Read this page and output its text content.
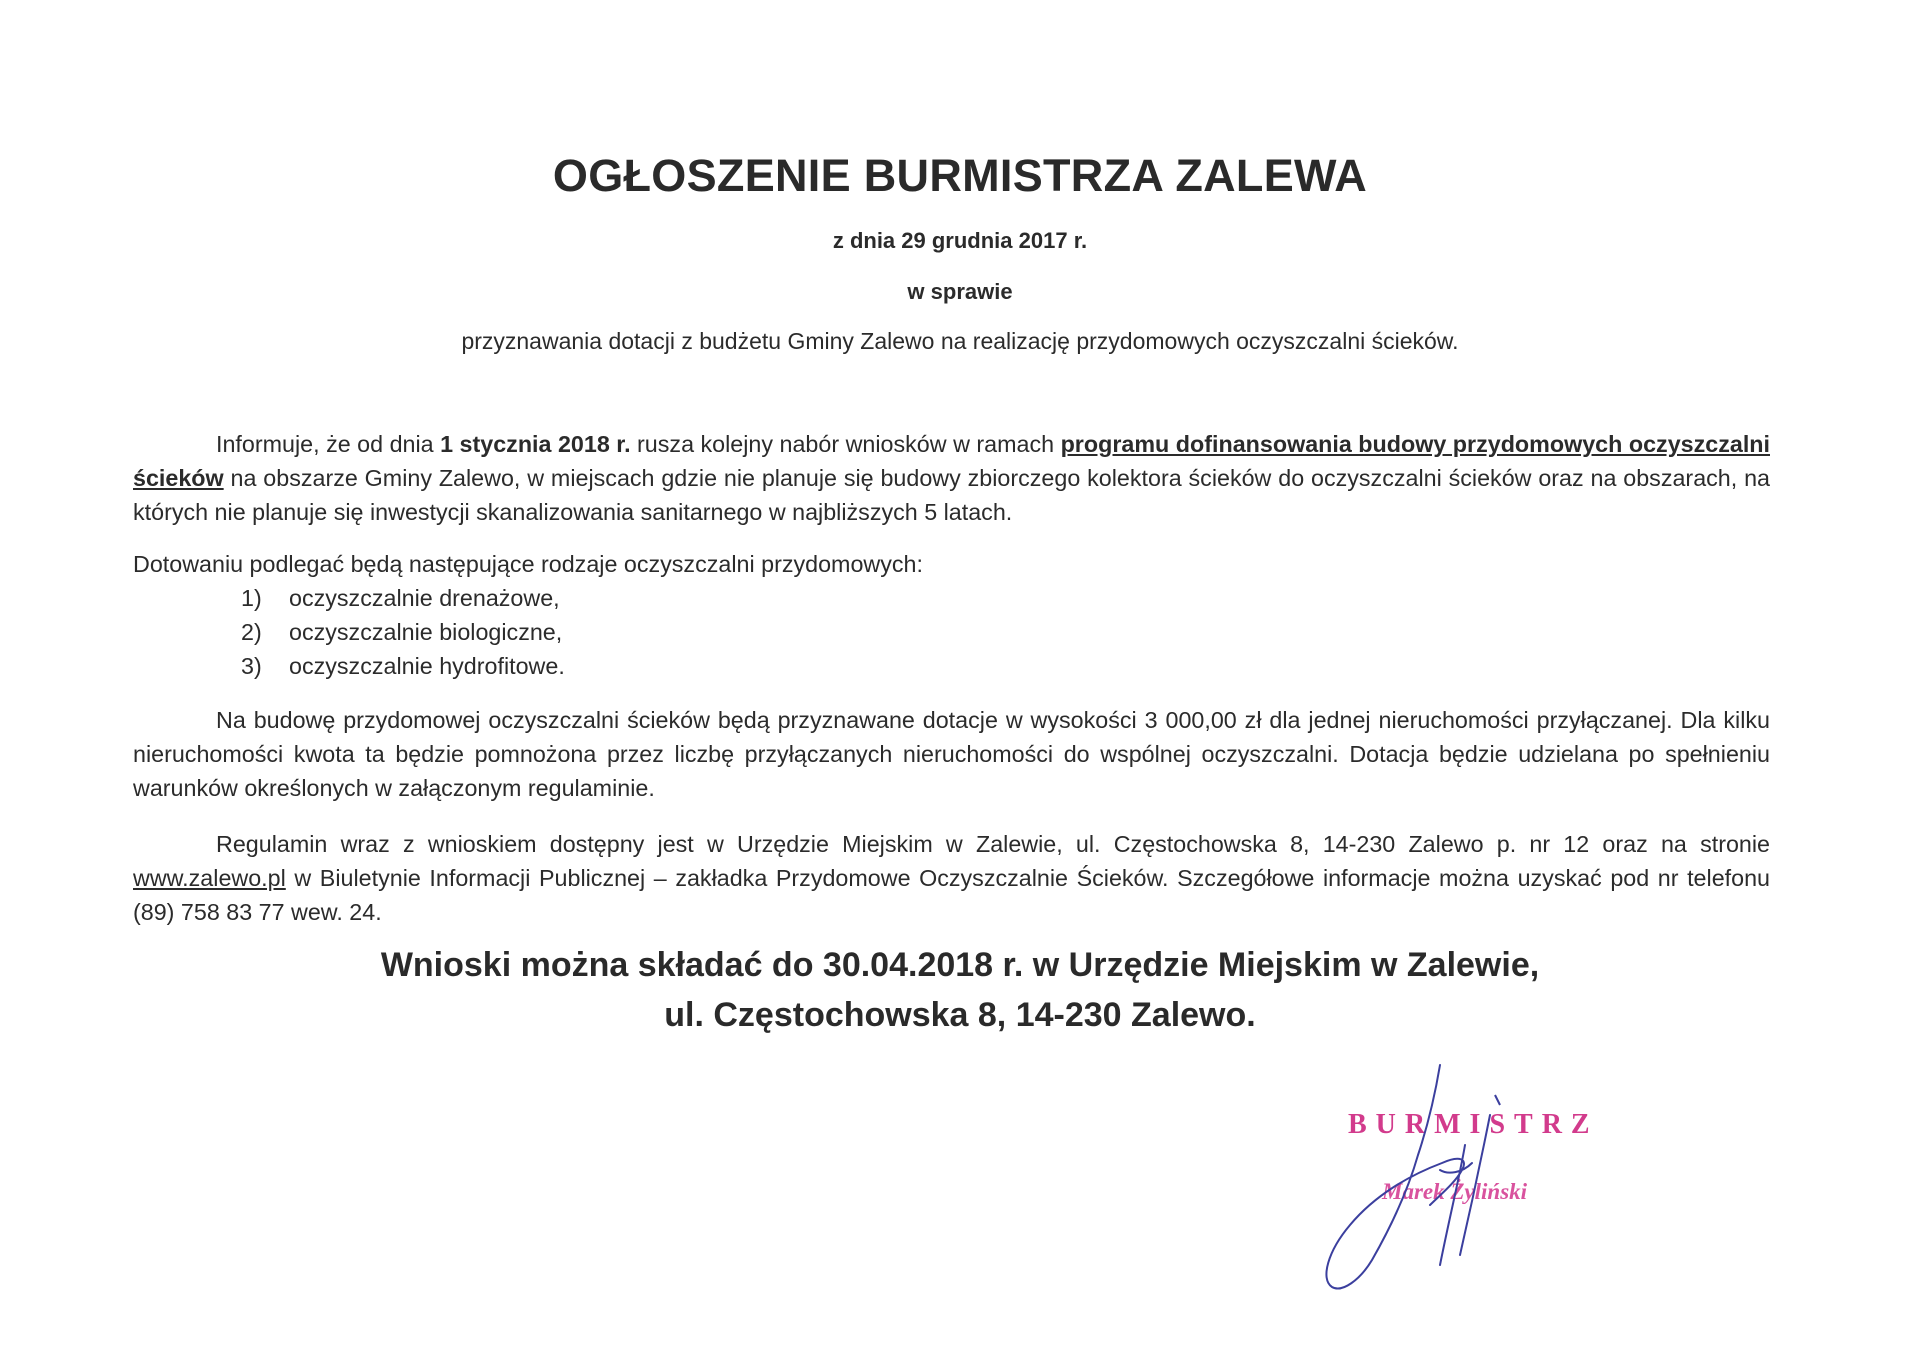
OGŁOSZENIE BURMISTRZA ZALEWA
z dnia 29 grudnia 2017 r.
w sprawie
przyznawania dotacji z budżetu Gminy Zalewo na realizację przydomowych oczyszczalni ścieków.

Informuje, że od dnia 1 stycznia 2018 r. rusza kolejny nabór wniosków w ramach programu dofinansowania budowy przydomowych oczyszczalni ścieków na obszarze Gminy Zalewo, w miejscach gdzie nie planuje się budowy zbiorczego kolektora ścieków do oczyszczalni ścieków oraz na obszarach, na których nie planuje się inwestycji skanalizowania sanitarnego w najbliższych 5 latach.

Dotowaniu podlegać będą następujące rodzaje oczyszczalni przydomowych:

1) oczyszczalnie drenażowe,
2) oczyszczalnie biologiczne,
3) oczyszczalnie hydrofitowe.

Na budowę przydomowej oczyszczalni ścieków będą przyznawane dotacje w wysokości 3 000,00 zł dla jednej nieruchomości przyłączanej. Dla kilku nieruchomości kwota ta będzie pomnożona przez liczbę przyłączanych nieruchomości do wspólnej oczyszczalni. Dotacja będzie udzielana po spełnieniu warunków określonych w załączonym regulaminie.

Regulamin wraz z wnioskiem dostępny jest w Urzędzie Miejskim w Zalewie, ul. Częstochowska 8, 14-230 Zalewo p. nr 12 oraz na stronie www.zalewo.pl w Biuletynie Informacji Publicznej – zakładka Przydomowe Oczyszczalnie Ścieków. Szczegółowe informacje można uzyskać pod nr telefonu (89) 758 83 77 wew. 24.

Wnioski można składać do 30.04.2018 r. w Urzędzie Miejskim w Zalewie,
ul. Częstochowska 8, 14-230 Zalewo.
BURMISTRZ
Marek Żyliński
